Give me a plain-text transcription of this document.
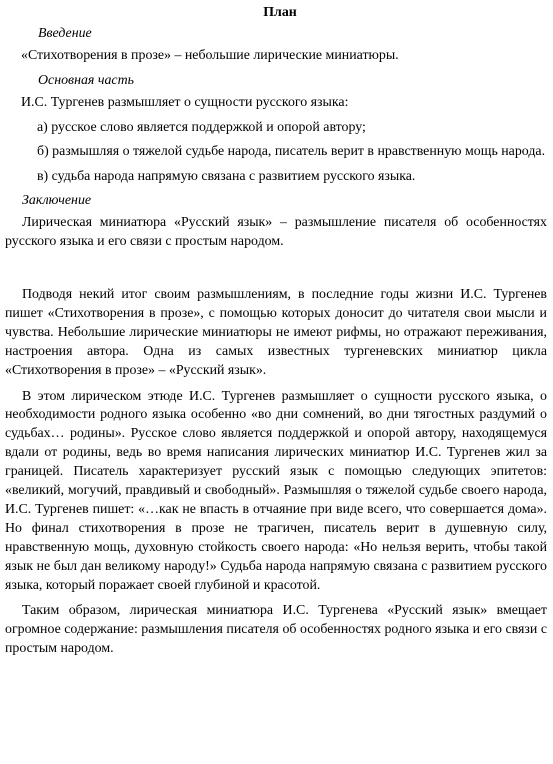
План

Введение

«Стихотворения в прозе» – небольшие лирические миниатюры.

Основная часть

И.С. Тургенев размышляет о сущности русского языка:

а) русское слово является поддержкой и опорой автору;

б) размышляя о тяжелой судьбе народа, писатель верит в нравственную мощь народа.

в) судьба народа напрямую связана с развитием русского языка.

Заключение

Лирическая миниатюра «Русский язык» – размышление писателя об особенностях русского языка и его связи с простым народом.

Подводя некий итог своим размышлениям, в последние годы жизни И.С. Тургенев пишет «Стихотворения в прозе», с помощью которых доносит до читателя свои мысли и чувства. Небольшие лирические миниатюры не имеют рифмы, но отражают переживания, настроения автора. Одна из самых известных тургеневских миниатюр цикла «Стихотворения в прозе» – «Русский язык».

В этом лирическом этюде И.С. Тургенев размышляет о сущности русского языка, о необходимости родного языка особенно «во дни сомнений, во дни тягостных раздумий о судьбах… родины». Русское слово является поддержкой и опорой автору, находящемуся вдали от родины, ведь во время написания лирических миниатюр И.С. Тургенев жил за границей. Писатель характеризует русский язык с помощью следующих эпитетов: «великий, могучий, правдивый и свободный». Размышляя о тяжелой судьбе своего народа, И.С. Тургенев пишет: «…как не впасть в отчаяние при виде всего, что совершается дома». Но финал стихотворения в прозе не трагичен, писатель верит в душевную силу, нравственную мощь, духовную стойкость своего народа: «Но нельзя верить, чтобы такой язык не был дан великому народу!» Судьба народа напрямую связана с развитием русского языка, который поражает своей глубиной и красотой.

Таким образом, лирическая миниатюра И.С. Тургенева «Русский язык» вмещает огромное содержание: размышления писателя об особенностях родного языка и его связи с простым народом.
